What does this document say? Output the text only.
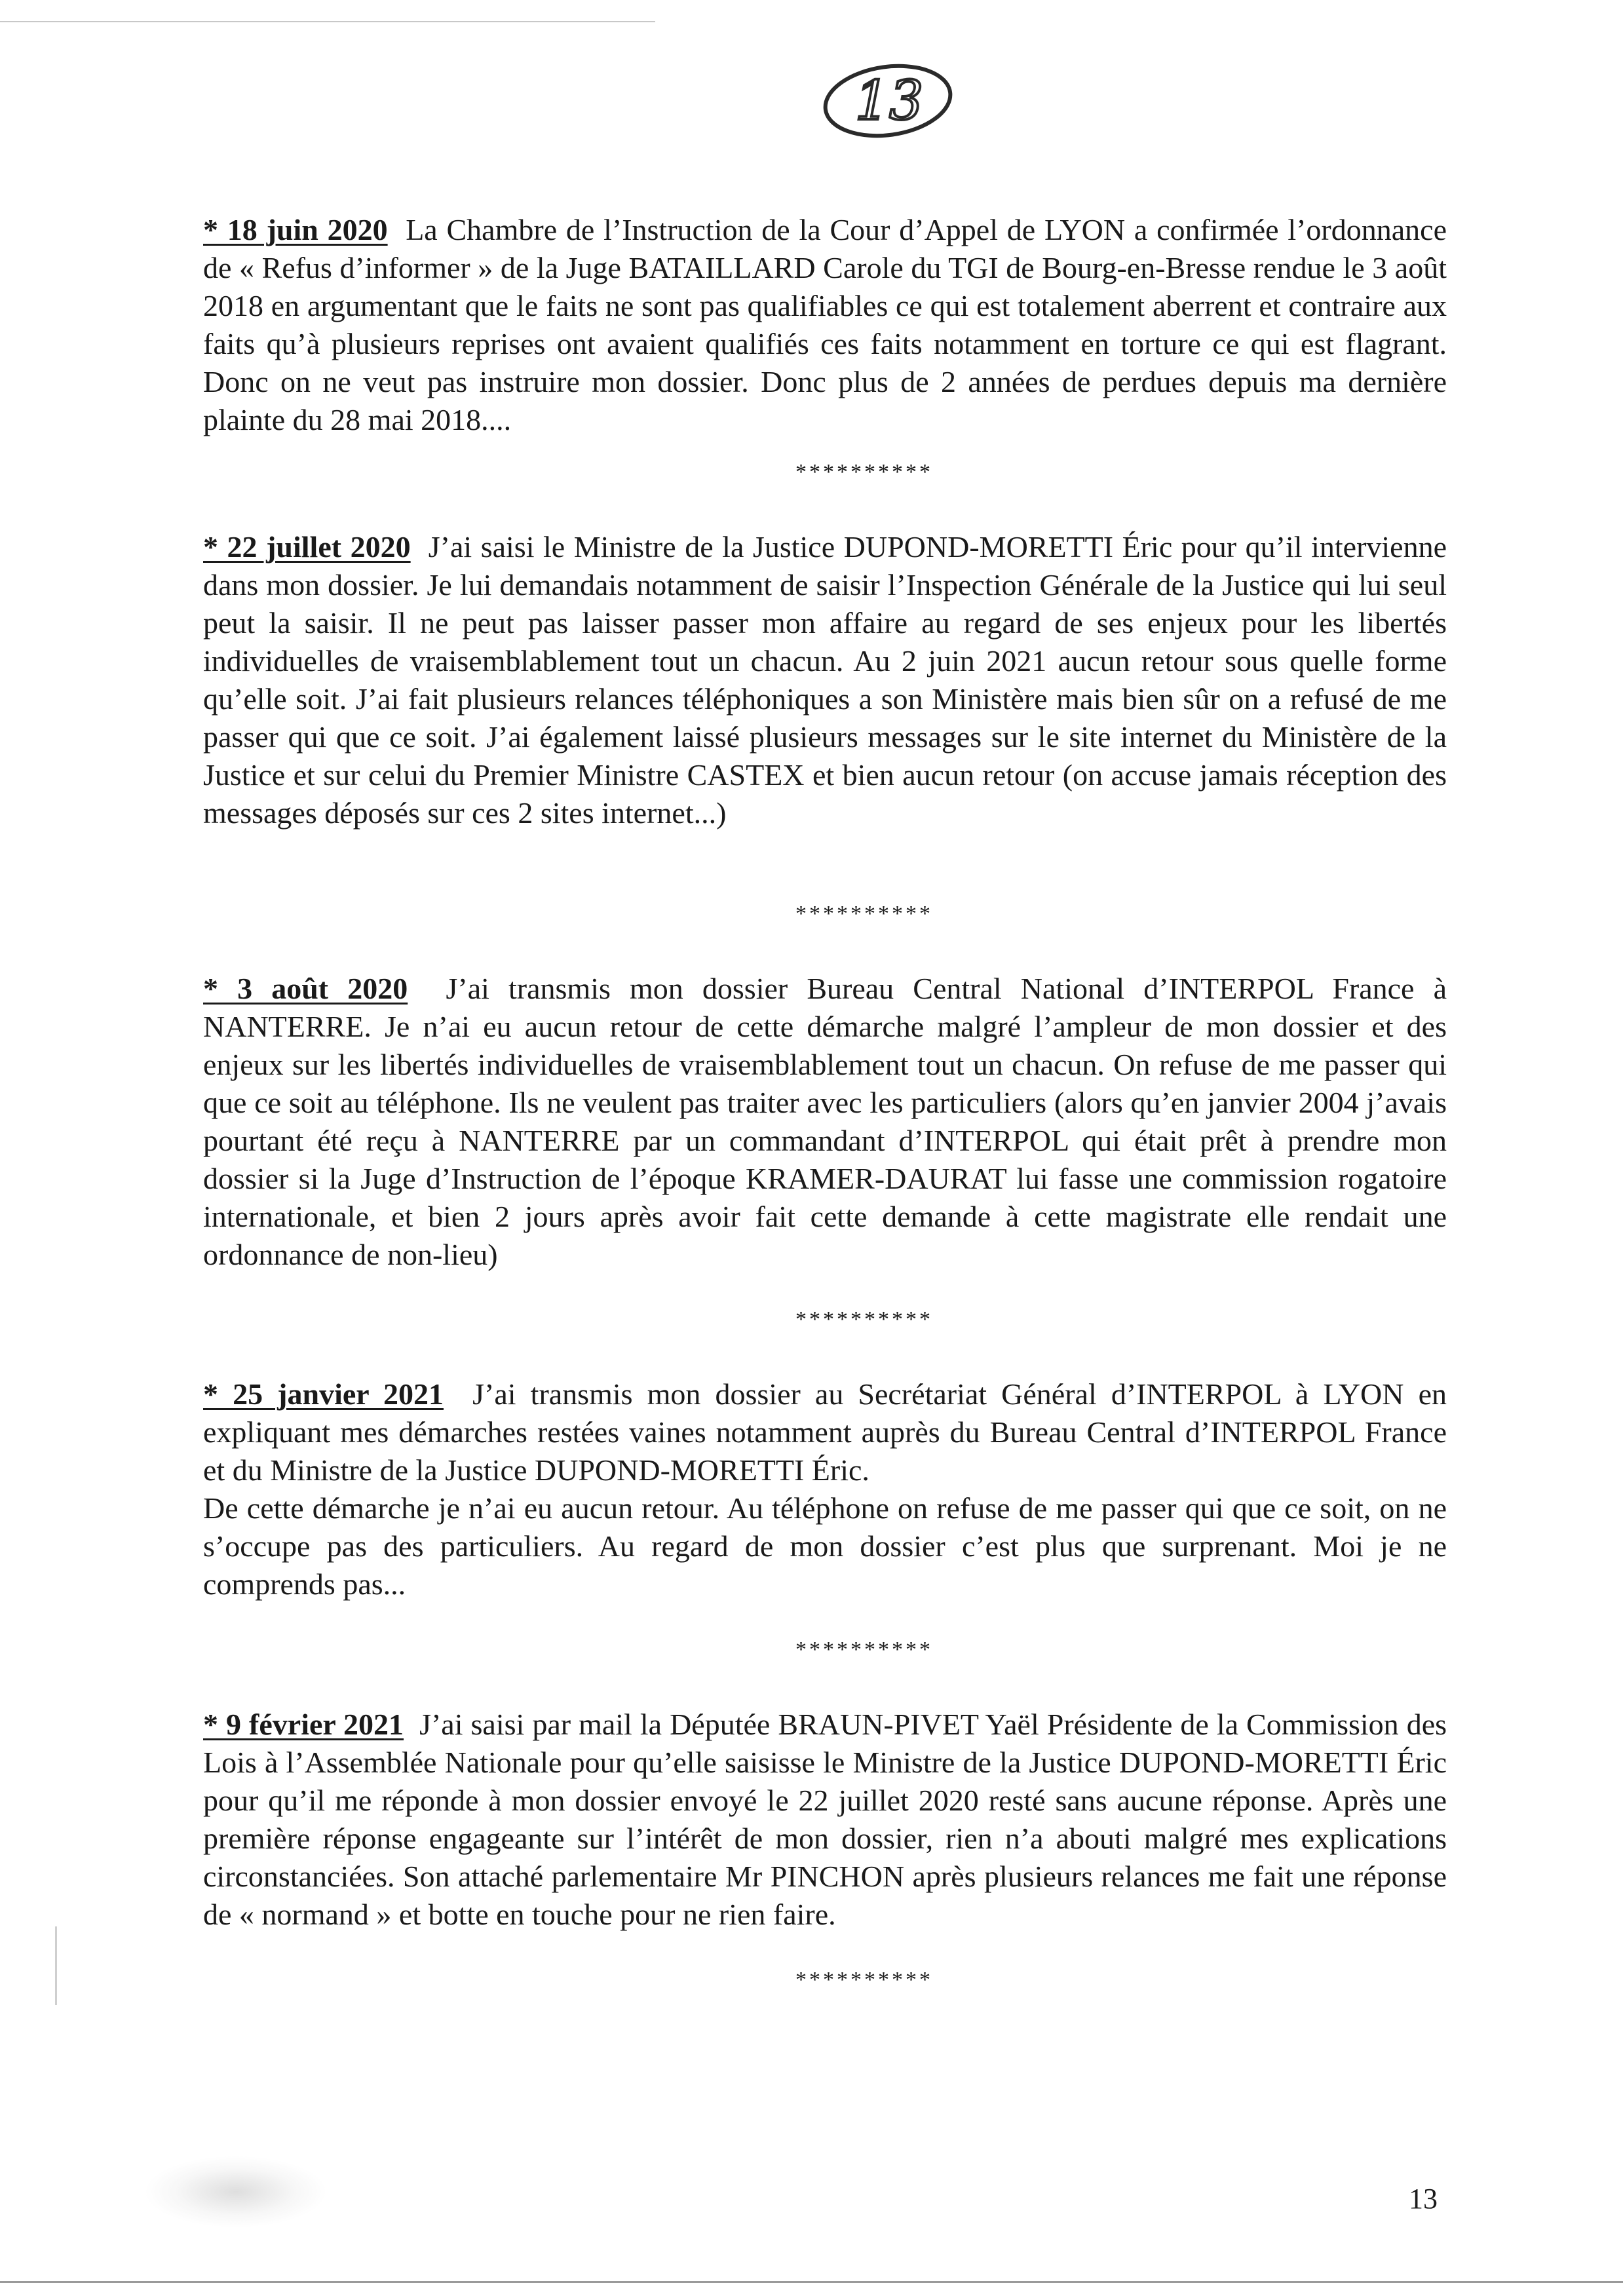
13

* 18 juin 2020 La Chambre de l’Instruction de la Cour d’Appel de LYON a confirmée l’ordonnance de « Refus d’informer » de la Juge BATAILLARD Carole du TGI de Bourg-en-Bresse rendue le 3 août 2018 en argumentant que le faits ne sont pas qualifiables ce qui est totalement aberrent et contraire aux faits qu’à plusieurs reprises ont avaient qualifiés ces faits notamment en torture ce qui est flagrant. Donc on ne veut pas instruire mon dossier. Donc plus de 2 années de perdues depuis ma dernière plainte du 28 mai 2018....

**********

* 22 juillet 2020 J’ai saisi le Ministre de la Justice DUPOND-MORETTI Éric pour qu’il intervienne dans mon dossier. Je lui demandais notamment de saisir l’Inspection Générale de la Justice qui lui seul peut la saisir. Il ne peut pas laisser passer mon affaire au regard de ses enjeux pour les libertés individuelles de vraisemblablement tout un chacun. Au 2 juin 2021 aucun retour sous quelle forme qu’elle soit. J’ai fait plusieurs relances téléphoniques a son Ministère mais bien sûr on a refusé de me passer qui que ce soit. J’ai également laissé plusieurs messages sur le site internet du Ministère de la Justice et sur celui du Premier Ministre CASTEX et bien aucun retour (on accuse jamais réception des messages déposés sur ces 2 sites internet...)

**********

* 3 août 2020 J’ai transmis mon dossier Bureau Central National d’INTERPOL France à NANTERRE. Je n’ai eu aucun retour de cette démarche malgré l’ampleur de mon dossier et des enjeux sur les libertés individuelles de vraisemblablement tout un chacun. On refuse de me passer qui que ce soit au téléphone. Ils ne veulent pas traiter avec les particuliers (alors qu’en janvier 2004 j’avais pourtant été reçu à NANTERRE par un commandant d’INTERPOL qui était prêt à prendre mon dossier si la Juge d’Instruction de l’époque KRAMER-DAURAT lui fasse une commission rogatoire internationale, et bien 2 jours après avoir fait cette demande à cette magistrate elle rendait une ordonnance de non-lieu)

**********

* 25 janvier 2021 J’ai transmis mon dossier au Secrétariat Général d’INTERPOL à LYON en expliquant mes démarches restées vaines notamment auprès du Bureau Central d’INTERPOL France et du Ministre de la Justice DUPOND-MORETTI Éric.

De cette démarche je n’ai eu aucun retour. Au téléphone on refuse de me passer qui que ce soit, on ne s’occupe pas des particuliers. Au regard de mon dossier c’est plus que surprenant. Moi je ne comprends pas...

**********

* 9 février 2021 J’ai saisi par mail la Députée BRAUN-PIVET Yaël Présidente de la Commission des Lois à l’Assemblée Nationale pour qu’elle saisisse le Ministre de la Justice DUPOND-MORETTI Éric pour qu’il me réponde à mon dossier envoyé le 22 juillet 2020 resté sans aucune réponse. Après une première réponse engageante sur l’intérêt de mon dossier, rien n’a abouti malgré mes explications circonstanciées. Son attaché parlementaire Mr PINCHON après plusieurs relances me fait une réponse de « normand » et botte en touche pour ne rien faire.

**********

13
